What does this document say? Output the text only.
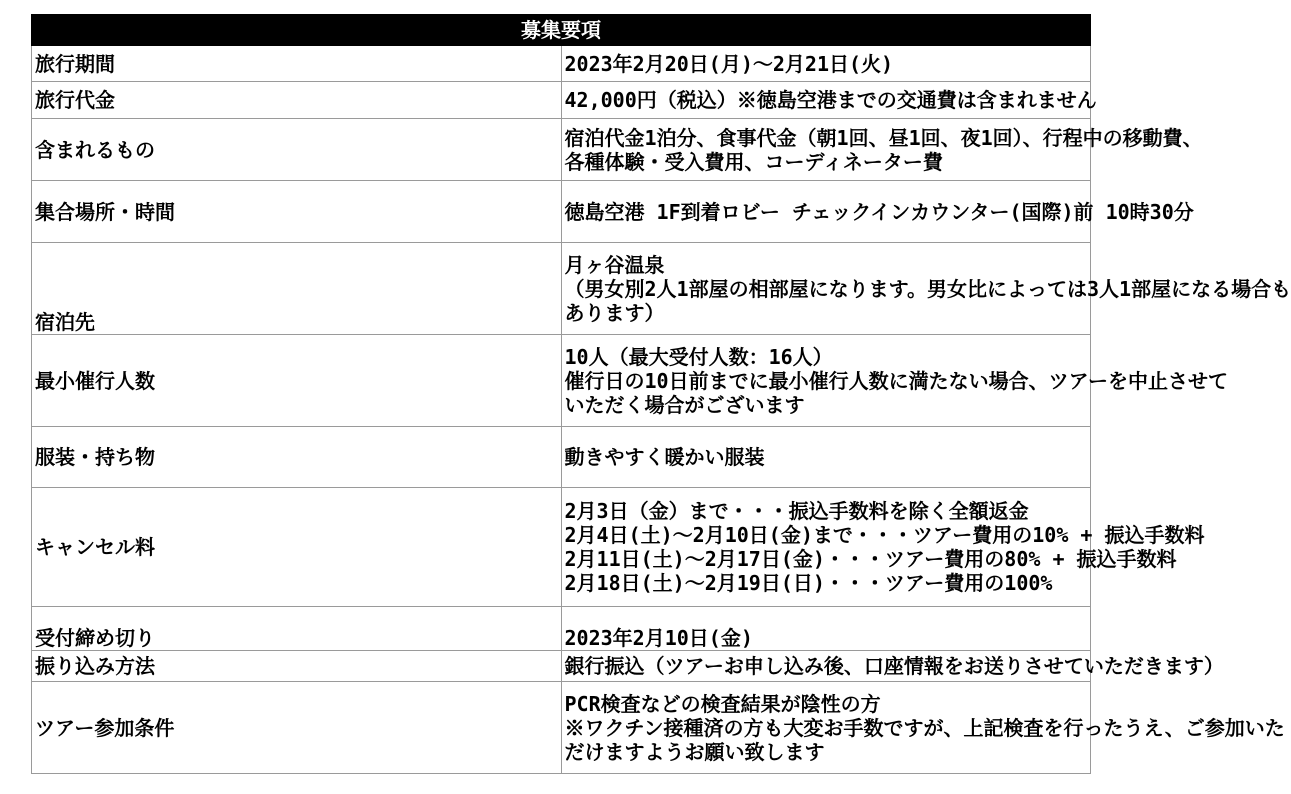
募集要項	
旅行期間	2023年2月20日(月)～2月21日(火)

旅行代金	42,000円（税込）※徳島空港までの交通費は含まれません

含まれるもの	宿泊代金1泊分、食事代金（朝1回、昼1回、夜1回）、行程中の移動費、
各種体験・受入費用、コーディネーター費

集合場所・時間	徳島空港 1F到着ロビー チェックインカウンター(国際)前 10時30分

宿泊先	月ヶ谷温泉
（男女別2人1部屋の相部屋になります。男女比によっては3人1部屋になる場合も
あります）

最小催行人数	10人（最大受付人数：16人）
催行日の10日前までに最小催行人数に満たない場合、ツアーを中止させて
いただく場合がございます

服装・持ち物	動きやすく暖かい服装

キャンセル料	2月3日（金）まで・・・振込手数料を除く全額返金
2月4日(土)～2月10日(金)まで・・・ツアー費用の10% + 振込手数料
2月11日(土)～2月17日(金)・・・ツアー費用の80% + 振込手数料
2月18日(土)～2月19日(日)・・・ツアー費用の100%

受付締め切り	2023年2月10日(金)

振り込み方法	銀行振込（ツアーお申し込み後、口座情報をお送りさせていただきます）

ツアー参加条件	PCR検査などの検査結果が陰性の方
※ワクチン接種済の方も大変お手数ですが、上記検査を行ったうえ、ご参加いた
だけますようお願い致します
